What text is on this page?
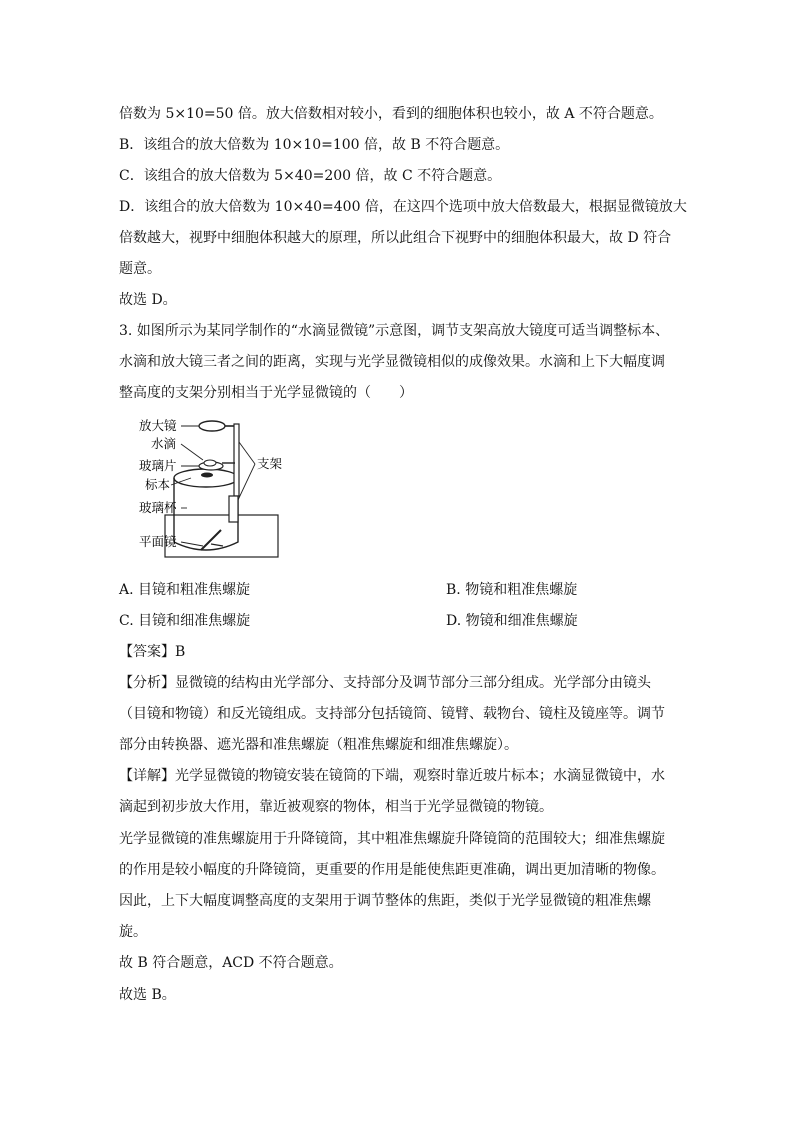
倍数为 5×10=50 倍。放大倍数相对较小，看到的细胞体积也较小，故 A 不符合题意。
B．该组合的放大倍数为 10×10=100 倍，故 B 不符合题意。
C．该组合的放大倍数为 5×40=200 倍，故 C 不符合题意。
D．该组合的放大倍数为 10×40=400 倍，在这四个选项中放大倍数最大，根据显微镜放大
倍数越大，视野中细胞体积越大的原理，所以此组合下视野中的细胞体积最大，故 D 符合
题意。
故选 D。
3. 如图所示为某同学制作的“水滴显微镜”示意图，调节支架高放大镜度可适当调整标本、
水滴和放大镜三者之间的距离，实现与光学显微镜相似的成像效果。水滴和上下大幅度调
整高度的支架分别相当于光学显微镜的（　　）
放大镜
水滴
玻璃片
标本
玻璃杯
平面镜
支架
A. 目镜和粗准焦螺旋	B. 物镜和粗准焦螺旋
C. 目镜和细准焦螺旋	D. 物镜和细准焦螺旋
【答案】B
【分析】显微镜的结构由光学部分、支持部分及调节部分三部分组成。光学部分由镜头
（目镜和物镜）和反光镜组成。支持部分包括镜筒、镜臂、载物台、镜柱及镜座等。调节
部分由转换器、遮光器和准焦螺旋（粗准焦螺旋和细准焦螺旋）。
【详解】光学显微镜的物镜安装在镜筒的下端，观察时靠近玻片标本；水滴显微镜中，水
滴起到初步放大作用，靠近被观察的物体，相当于光学显微镜的物镜。
光学显微镜的准焦螺旋用于升降镜筒，其中粗准焦螺旋升降镜筒的范围较大；细准焦螺旋
的作用是较小幅度的升降镜筒，更重要的作用是能使焦距更准确，调出更加清晰的物像。
因此，上下大幅度调整高度的支架用于调节整体的焦距，类似于光学显微镜的粗准焦螺
旋。
故 B 符合题意，ACD 不符合题意。
故选 B。
